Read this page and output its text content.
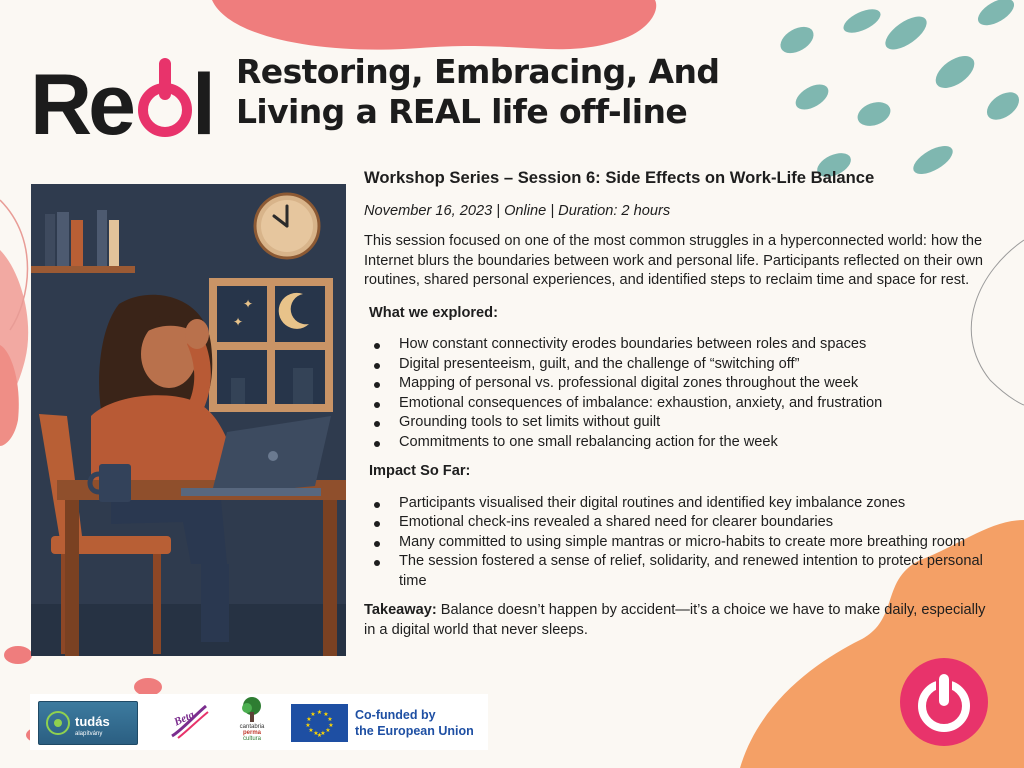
Re l Restoring, Embracing, And
Living a REAL life off-line
✦
✦
Workshop Series – Session 6: Side Effects on Work-Life Balance
November 16, 2023 | Online | Duration: 2 hours
This session focused on one of the most common struggles in a hyperconnected world: how the Internet blurs the boundaries between work and personal life. Participants reflected on their own routines, shared personal experiences, and identified steps to reclaim time and space for rest.
What we explored:
How constant connectivity erodes boundaries between roles and spaces
Digital presenteeism, guilt, and the challenge of “switching off”
Mapping of personal vs. professional digital zones throughout the week
Emotional consequences of imbalance: exhaustion, anxiety, and frustration
Grounding tools to set limits without guilt
Commitments to one small rebalancing action for the week
Impact So Far:
Participants visualised their digital routines and identified key imbalance zones
Emotional check-ins revealed a shared need for clearer boundaries
Many committed to using simple mantras or micro-habits to create more breathing room
The session fostered a sense of relief, solidarity, and renewed intention to protect personal time
Takeaway: Balance doesn’t happen by accident—it’s a choice we have to make daily, especially in a digital world that never sleeps.
tudás
alapítvány
Beta	cantabria
perma
cultura
★ ★
★
★
★
★
★
★
★
★
★
★
Co-funded by
the European Union
